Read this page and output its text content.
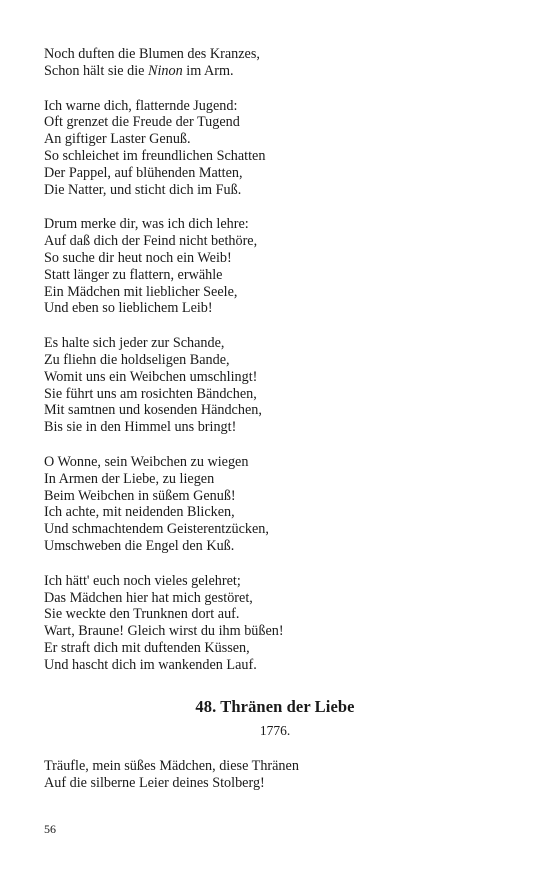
Noch duften die Blumen des Kranzes,
Schon hält sie die Ninon im Arm.
Ich warne dich, flatternde Jugend:
Oft grenzet die Freude der Tugend
An giftiger Laster Genuß.
So schleichet im freundlichen Schatten
Der Pappel, auf blühenden Matten,
Die Natter, und sticht dich im Fuß.
Drum merke dir, was ich dich lehre:
Auf daß dich der Feind nicht bethöre,
So suche dir heut noch ein Weib!
Statt länger zu flattern, erwähle
Ein Mädchen mit lieblicher Seele,
Und eben so lieblichem Leib!
Es halte sich jeder zur Schande,
Zu fliehn die holdseligen Bande,
Womit uns ein Weibchen umschlingt!
Sie führt uns am rosichten Bändchen,
Mit samtnen und kosenden Händchen,
Bis sie in den Himmel uns bringt!
O Wonne, sein Weibchen zu wiegen
In Armen der Liebe, zu liegen
Beim Weibchen in süßem Genuß!
Ich achte, mit neidenden Blicken,
Und schmachtendem Geisterentzücken,
Umschweben die Engel den Kuß.
Ich hätt' euch noch vieles gelehret;
Das Mädchen hier hat mich gestöret,
Sie weckte den Trunknen dort auf.
Wart, Braune! Gleich wirst du ihm büßen!
Er straft dich mit duftenden Küssen,
Und hascht dich im wankenden Lauf.
48. Thränen der Liebe
1776.
Träufle, mein süßes Mädchen, diese Thränen
Auf die silberne Leier deines Stolberg!
56
